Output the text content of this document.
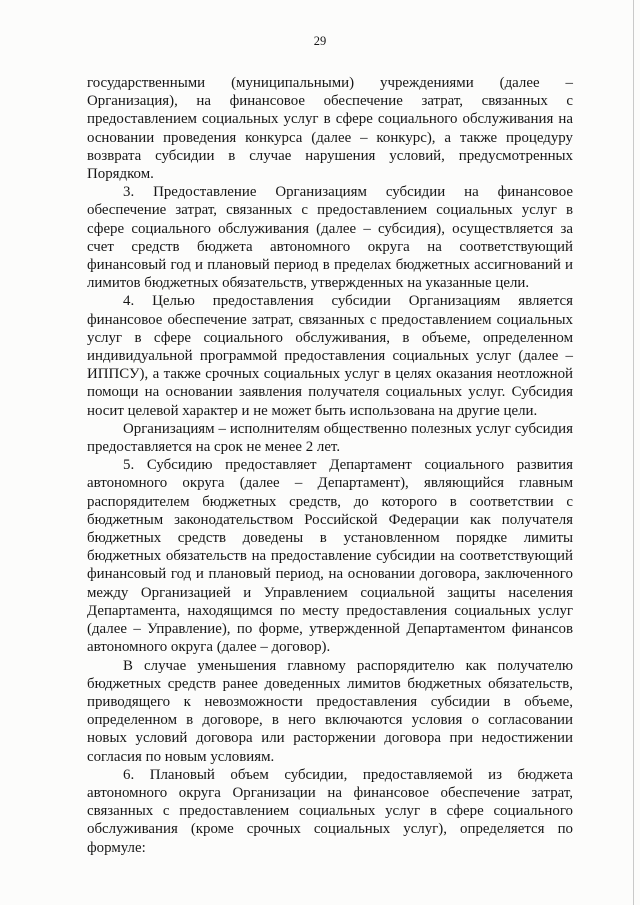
29

государственными (муниципальными) учреждениями (далее – Организация), на финансовое обеспечение затрат, связанных с предоставлением социальных услуг в сфере социального обслуживания на основании проведения конкурса (далее – конкурс), а также процедуру возврата субсидии в случае нарушения условий, предусмотренных Порядком.

3. Предоставление Организациям субсидии на финансовое обеспечение затрат, связанных с предоставлением социальных услуг в сфере социального обслуживания (далее – субсидия), осуществляется за счет средств бюджета автономного округа на соответствующий финансовый год и плановый период в пределах бюджетных ассигнований и лимитов бюджетных обязательств, утвержденных на указанные цели.

4. Целью предоставления субсидии Организациям является финансовое обеспечение затрат, связанных с предоставлением социальных услуг в сфере социального обслуживания, в объеме, определенном индивидуальной программой предоставления социальных услуг (далее – ИППСУ), а также срочных социальных услуг в целях оказания неотложной помощи на основании заявления получателя социальных услуг. Субсидия носит целевой характер и не может быть использована на другие цели.

Организациям – исполнителям общественно полезных услуг субсидия предоставляется на срок не менее 2 лет.

5. Субсидию предоставляет Департамент социального развития автономного округа (далее – Департамент), являющийся главным распорядителем бюджетных средств, до которого в соответствии с бюджетным законодательством Российской Федерации как получателя бюджетных средств доведены в установленном порядке лимиты бюджетных обязательств на предоставление субсидии на соответствующий финансовый год и плановый период, на основании договора, заключенного между Организацией и Управлением социальной защиты населения Департамента, находящимся по месту предоставления социальных услуг (далее – Управление), по форме, утвержденной Департаментом финансов автономного округа (далее – договор).

В случае уменьшения главному распорядителю как получателю бюджетных средств ранее доведенных лимитов бюджетных обязательств, приводящего к невозможности предоставления субсидии в объеме, определенном в договоре, в него включаются условия о согласовании новых условий договора или расторжении договора при недостижении согласия по новым условиям.

6. Плановый объем субсидии, предоставляемой из бюджета автономного округа Организации на финансовое обеспечение затрат, связанных с предоставлением социальных услуг в сфере социального обслуживания (кроме срочных социальных услуг), определяется по формуле:
